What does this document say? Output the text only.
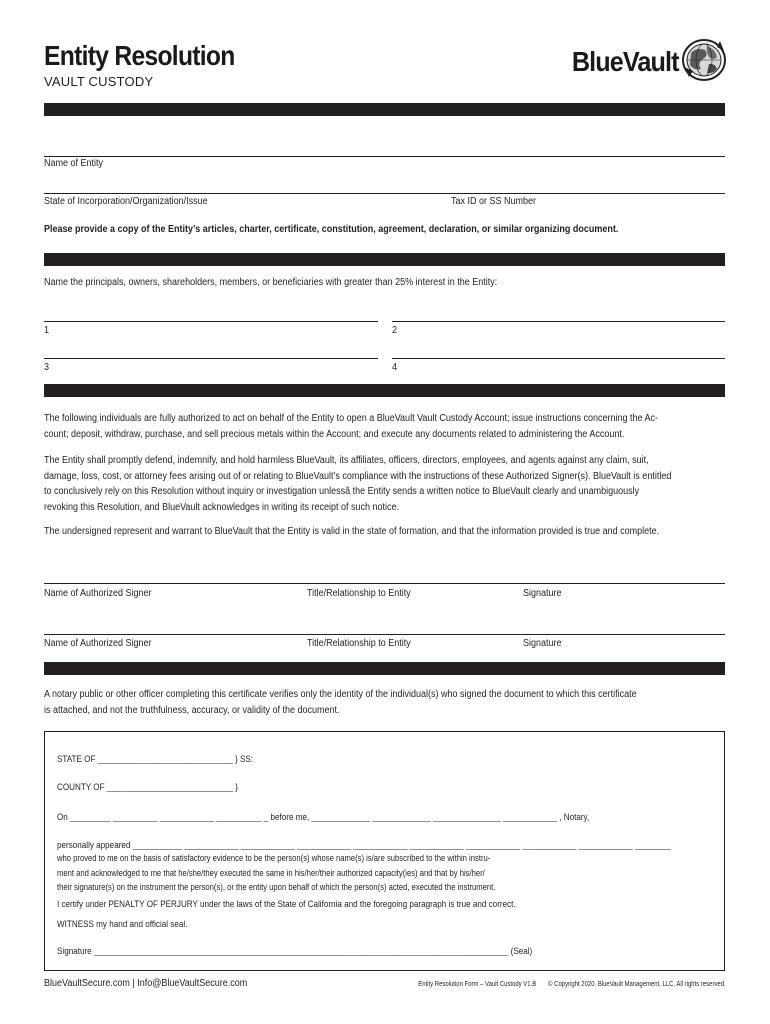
Entity Resolution
VAULT CUSTODY
BlueVault
Name of Entity
State of Incorporation/Organization/Issue	Tax ID or SS Number
Please provide a copy of the Entity’s articles, charter, certificate, constitution, agreement, declaration, or similar organizing document.
Name the principals, owners, shareholders, members, or beneficiaries with greater than 25% interest in the Entity:
1	2
3	4
The following individuals are fully authorized to act on behalf of the Entity to open a BlueVault Vault Custody Account; issue instructions concerning the Ac-
count; deposit, withdraw, purchase, and sell precious metals within the Account; and execute any documents related to administering the Account.
The Entity shall promptly defend, indemnify, and hold harmless BlueVault, its affiliates, officers, directors, employees, and agents against any claim, suit,
damage, loss, cost, or attorney fees arising out of or relating to BlueVault’s compliance with the instructions of these Authorized Signer(s). BlueVault is entitled
to conclusively rely on this Resolution without inquiry or investigation unlessâ the Entity sends a written notice to BlueVault clearly and unambiguously
revoking this Resolution, and BlueVault acknowledges in writing its receipt of such notice.
The undersigned represent and warrant to BlueVault that the Entity is valid in the state of formation, and that the information provided is true and complete.
Name of Authorized Signer	Title/Relationship to Entity	Signature
Name of Authorized Signer	Title/Relationship to Entity	Signature
A notary public or other officer completing this certificate verifies only the identity of the individual(s) who signed the document to which this certificate
is attached, and not the truthfulness, accuracy, or validity of the document.
STATE OF ______________________________ } SS:
COUNTY OF ____________________________ }
On _________ __________ ____________ __________ _ before me, _____________ _____________ _______________ ____________ , Notary,
personally appeared ___________ ____________ ____________ ____________ ____________ ____________ ____________ ____________ ____________ ________
who proved to me on the basis of satisfactory evidence to be the person(s) whose name(s) is/are subscribed to the within instru-
ment and acknowledged to me that he/she/they executed the same in his/her/their authorized capacity(ies) and that by his/her/
their signature(s) on the instrument the person(s), or the entity upon behalf of which the person(s) acted, executed the instrument.
I certify under PENALTY OF PERJURY under the laws of the State of California and the foregoing paragraph is true and correct.
WITNESS my hand and official seal.
Signature ____________________________________________________________________________________________ (Seal)
BlueVaultSecure.com | Info@BlueVaultSecure.com	Entity Resolution Form – Vault Custody V1.B © Copyright 2020. BlueVault Management, LLC. All rights reserved.
